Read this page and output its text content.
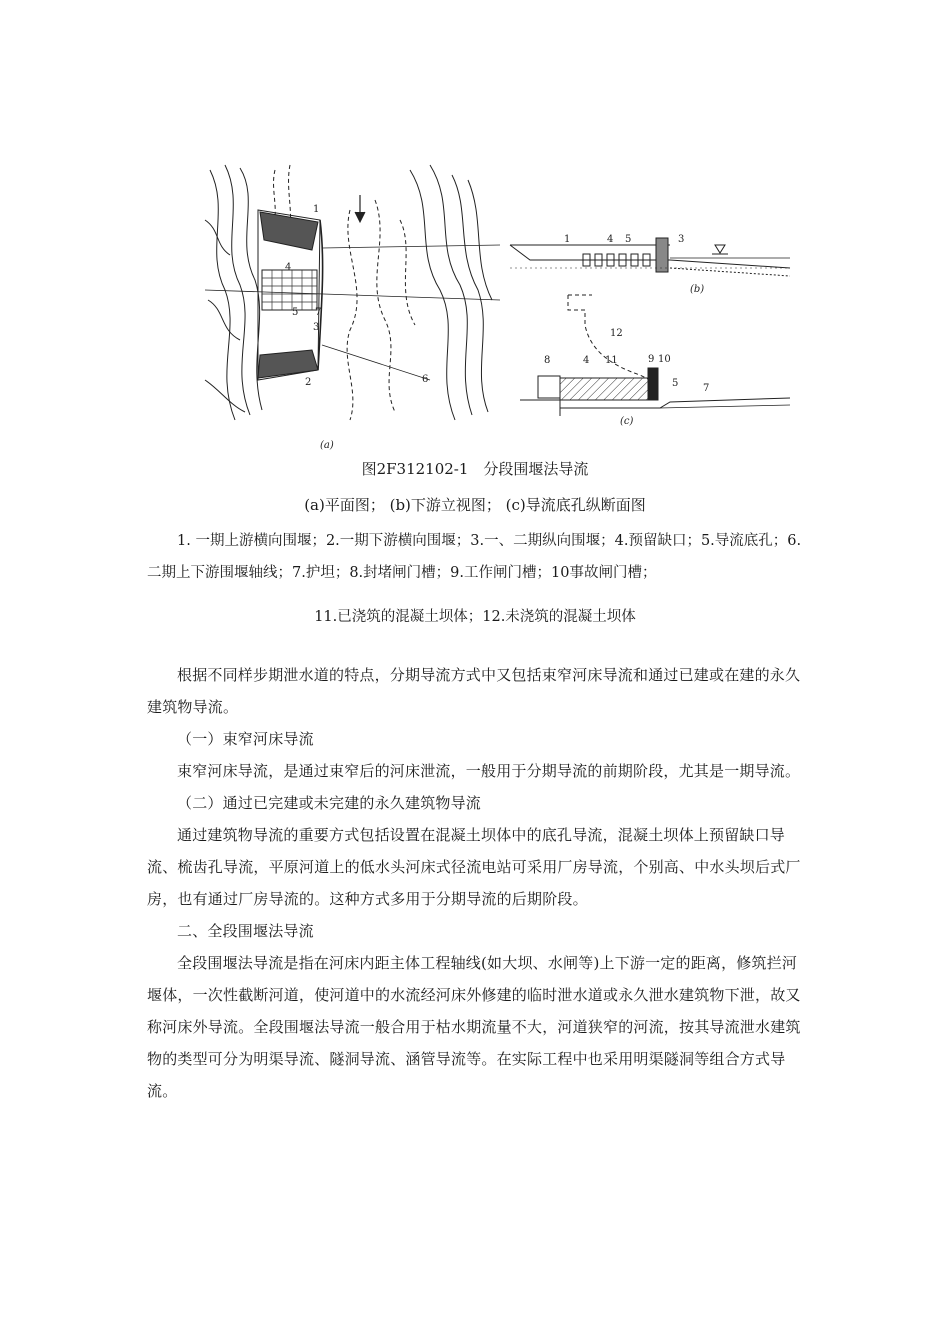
1
2
3
4
5
6
7
(a)
1	4 5	3
(b)
12
8	4 11	9 10
5 7
(c)
图2F312102-1　分段围堰法导流
(a)平面图； (b)下游立视图； (c)导流底孔纵断面图
1. 一期上游横向围堰；2.一期下游横向围堰；3.一、二期纵向围堰；4.预留缺口；5.导流底孔；6.二期上下游围堰轴线；7.护坦；8.封堵闸门槽；9.工作闸门槽；10事故闸门槽；
11.已浇筑的混凝土坝体；12.未浇筑的混凝土坝体

根据不同样步期泄水道的特点，分期导流方式中又包括束窄河床导流和通过已建或在建的永久建筑物导流。

（一）束窄河床导流

束窄河床导流，是通过束窄后的河床泄流，一般用于分期导流的前期阶段，尤其是一期导流。

（二）通过已完建或未完建的永久建筑物导流

通过建筑物导流的重要方式包括设置在混凝土坝体中的底孔导流，混凝土坝体上预留缺口导流、梳齿孔导流，平原河道上的低水头河床式径流电站可采用厂房导流，个别高、中水头坝后式厂房，也有通过厂房导流的。这种方式多用于分期导流的后期阶段。

二、全段围堰法导流

全段围堰法导流是指在河床内距主体工程轴线(如大坝、水闸等)上下游一定的距离，修筑拦河堰体，一次性截断河道，使河道中的水流经河床外修建的临时泄水道或永久泄水建筑物下泄，故又称河床外导流。全段围堰法导流一般合用于枯水期流量不大，河道狭窄的河流，按其导流泄水建筑物的类型可分为明渠导流、隧洞导流、涵管导流等。在实际工程中也采用明渠隧洞等组合方式导流。
